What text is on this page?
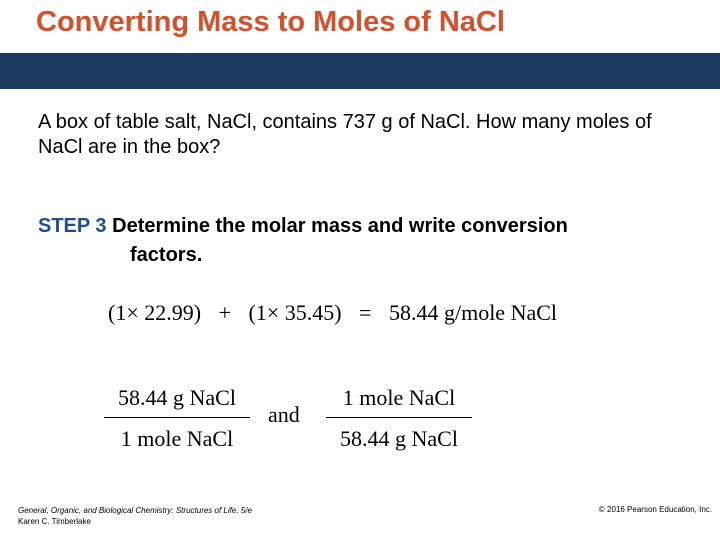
Converting Mass to Moles of NaCl
A box of table salt, NaCl, contains 737 g of NaCl. How many moles of NaCl are in the box?
STEP 3 Determine the molar mass and write conversion
factors.
(1× 22.99) + (1× 35.45) = 58.44 g/mole NaCl
58.44 g NaCl
1 mole NaCl
and
1 mole NaCl
58.44 g NaCl
General, Organic, and Biological Chemistry: Structures of Life, 5/e
Karen C. Timberlake
© 2016 Pearson Education, Inc.
